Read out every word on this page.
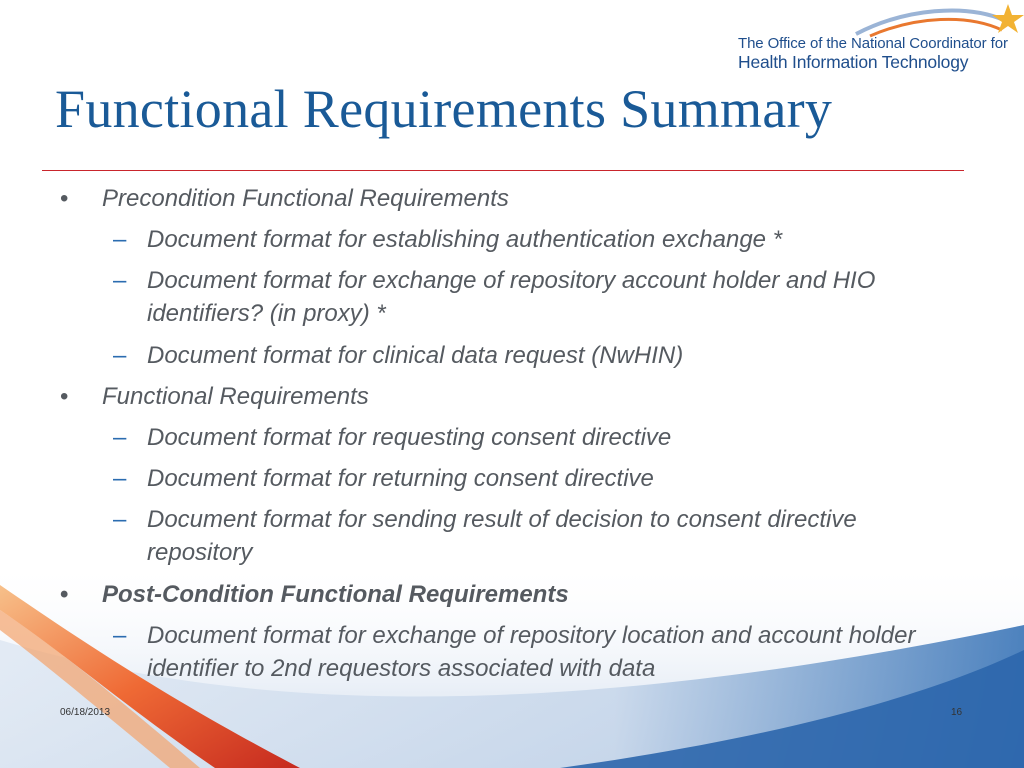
The Office of the National Coordinator for
Health Information Technology
Functional Requirements Summary
• Precondition Functional Requirements
– Document format for establishing authentication exchange *
– Document format for exchange of repository account holder and HIO identifiers? (in proxy) *
– Document format for clinical data request (NwHIN)
• Functional Requirements
– Document format for requesting consent directive
– Document format for returning consent directive
– Document format for sending result of decision to consent directive repository
• Post-Condition Functional Requirements
– Document format for exchange of repository location and account holder identifier to 2nd requestors associated with data
06/18/2013	16
